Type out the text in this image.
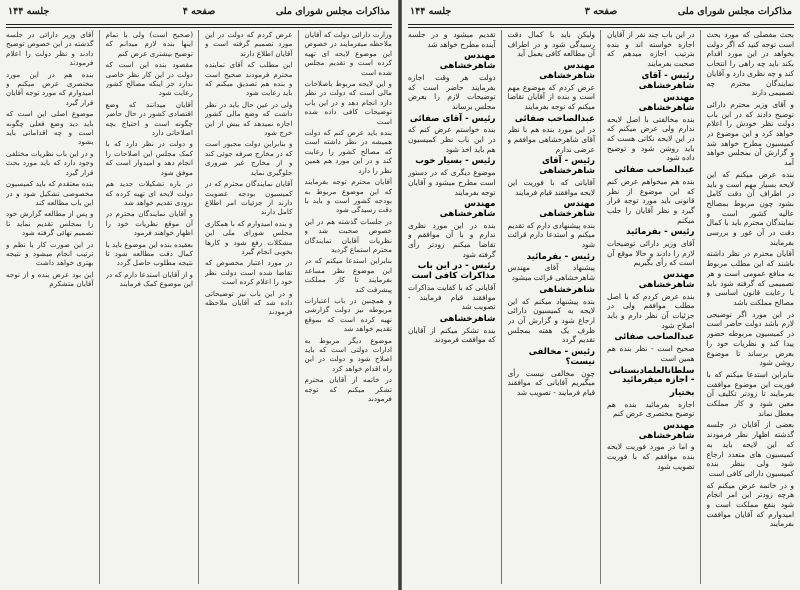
مذاکرات مجلس شورای ملی
صفحه ۳
جلسه ۱۴۴
بحث مفصلی که مورد بحث است توجه کنید که اگر دولت بخواهد در این مورد اقدام بکند باید چه راهی را انتخاب کند و چه نظری دارد و آقایان نمایندگان محترم چه تصمیمی دارند
و آقای وزیر محترم دارائی توضیح دادند که در این باب دولت نظر خودش را اعلام خواهد کرد و این موضوع در کمیسیون مطرح خواهد شد و گزارش آن بمجلس خواهد آمد
بنده عرض میکنم که این لایحه بسیار مهم است و باید در اطراف آن دقت کامل بشود چون مربوط بمصالح عالیه کشور است و نمایندگان محترم باید با کمال دقت در آن غور و بررسی بفرمایند
آقایان محترم در نظر داشته باشند که این مطلب مربوط به منافع عمومی است و هر تصمیمی که گرفته شود باید با رعایت قانون اساسی و مصالح مملکت باشد
در این مورد اگر توضیحی لازم باشد دولت حاضر است در کمیسیون مربوطه حضور پیدا کند و نظریات خود را بعرض برساند تا موضوع روشن شود
بنابراین استدعا میکنم که با فوریت این موضوع موافقت بفرمایند تا زودتر تکلیف آن معین شود و کار مملکت معطل نماند
بعضی از آقایان در جلسه گذشته اظهار نظر فرمودند که این لایحه باید به کمیسیون های متعدد ارجاع شود ولی بنظر بنده کمیسیون دارائی کافی است
و در خاتمه عرض میکنم که هرچه زودتر این امر انجام شود بنفع مملکت است و امیدوارم که آقایان موافقت بفرمایند
در این باب چند نفر از آقایان اجازه خواسته اند و بنده بترتیب اجازه میدهم که صحبت بفرمایند
رئیس - آقای شاهرخشاهی
مهندس شاهرخشاهی
بنده مخالفتی با اصل لایحه ندارم ولی عرض میکنم که در این لایحه نکاتی هست که باید روشن شود و توضیح داده شود
عبدالصاحب صفائی
بنده هم میخواهم عرض کنم که این موضوع از نظر قانونی باید مورد توجه قرار گیرد و نظر آقایان را جلب میکنم
رئیس - بفرمائید
آقای وزیر دارائی توضیحات لازم را دادند و حالا موقع آن است که رأی بگیریم
مهندس شاهرخشاهی
بنده عرض کردم که با اصل مطلب موافقم ولی در جزئیات آن نظر دارم و باید اصلاح شود
عبدالصاحب صفائی
صحیح است - نظر بنده هم همین است
سلطانالعلمادبستانی - اجازه میفرمائید
بختیار
اجازه بفرمائید بنده هم توضیح مختصری عرض کنم
مهندس شاهرخشاهی
و اما در مورد فوریت لایحه بنده موافقم که با فوریت تصویب شود
ولیکن باید با کمال دقت رسیدگی شود و در اطراف آن مطالعه کافی بعمل آید
مهندس شاهرخشاهی
عرض کردم که موضوع مهم است و بنده از آقایان تقاضا میکنم که توجه بفرمایند
عبدالصاحب صفائی
در این مورد بنده هم با نظر آقای شاهرخشاهی موافقم و عرضی ندارم
رئیس - آقای شاهرخشاهی
آقایانی که با فوریت این لایحه موافقند قیام فرمایند
مهندس شاهرخشاهی
بنده پیشنهادی دارم که تقدیم میکنم و استدعا دارم قرائت شود
رئیس - بفرمائید
پیشنهاد آقای مهندس شاهرخشاهی قرائت میشود
شاهرخشاهی
بنده پیشنهاد میکنم که این لایحه به کمیسیون دارائی ارجاع شود و گزارش آن در ظرف یک هفته بمجلس تقدیم گردد
رئیس - مخالفی نیست؟
چون مخالفی نیست رأی میگیریم آقایانی که موافقند قیام فرمایند - تصویب شد
تقدیم میشود و در جلسه آینده مطرح خواهد شد
مهندس شاهرخشاهی
دولت هر وقت اجازه بفرمایند حاضر است که توضیحات لازم را بعرض مجلس برساند
رئیس - آقای صفائی
بنده خواستم عرض کنم که در این باب نظر کمیسیون هم باید اخذ شود
رئیس - بسیار خوب
موضوع دیگری که در دستور است مطرح میشود و آقایان توجه بفرمایند
مهندس شاهرخشاهی
بنده در این مورد نظری ندارم و با آن موافقم و تقاضا میکنم زودتر رأی گرفته شود
رئیس - در این باب مذاکرات کافی است
آقایانی که با کفایت مذاکرات موافقند قیام فرمایند - تصویب شد
شاهرخشاهی
بنده تشکر میکنم از آقایان که موافقت فرمودند
مذاکرات مجلس شورای ملی
صفحه ۴
جلسه ۱۴۴
وزارت دارائی دولت که آقایان ملاحظه میفرمایند در خصوص این موضوع لایحه ای تهیه کرده است و تقدیم مجلس شده است
و این لایحه مربوط باصلاحات مالی است که دولت در نظر دارد انجام دهد و در این باب توضیحات کافی داده شده است
بنده باید عرض کنم که دولت همیشه در نظر داشته است که مصالح کشور را رعایت کند و در این مورد هم همین نظر را دارد
آقایان محترم توجه بفرمایند که این موضوع مربوط به بودجه کشور است و باید با دقت رسیدگی شود
در جلسات گذشته هم در این خصوص صحبت شد و نظریات آقایان نمایندگان محترم استماع گردید
بنابراین استدعا میکنم که در این موضوع نظر مساعد بفرمایند تا کار مملکت پیشرفت کند
و همچنین در باب اعتبارات مربوطه نیز دولت گزارشی تهیه کرده است که بموقع تقدیم خواهد شد
موضوع دیگر مربوط به ادارات دولتی است که باید اصلاح شود و دولت در این راه اقدام خواهد کرد
در خاتمه از آقایان محترم تشکر میکنم که توجه فرمودند
عرض کردم که دولت در این مورد تصمیم گرفته است و آقایان اطلاع دارند
این مطلب که آقای نماینده محترم فرمودند صحیح است و بنده هم تصدیق میکنم که باید رعایت شود
ولی در عین حال باید در نظر داشت که وضع مالی کشور اجازه نمیدهد که بیش از این خرج شود
و بنابراین دولت مجبور است که در مخارج صرفه جوئی کند و از مخارج غیر ضروری جلوگیری نماید
آقایان نمایندگان محترم که در کمیسیون بودجه عضویت دارند از جزئیات امر اطلاع کامل دارند
و بنده امیدوارم که با همکاری مجلس شورای ملی این مشکلات رفع شود و کارها بخوبی انجام گیرد
در مورد اعتبار مخصوص که تقاضا شده است دولت نظر خود را اعلام کرده است
و در این باب نیز توضیحاتی داده شد که آقایان ملاحظه فرمودند
(صحیح است) ولی با تمام اینها بنده لازم میدانم که توضیح بیشتری عرض کنم
مقصود بنده این است که دولت در این کار نظر خاصی ندارد جز اینکه مصالح کشور رعایت شود
آقایان میدانند که وضع اقتصادی کشور در حال حاضر چگونه است و احتیاج بچه اصلاحاتی دارد
و دولت در نظر دارد که با کمک مجلس این اصلاحات را انجام دهد و امیدوار است که موفق شود
در باره تشکیلات جدید هم دولت لایحه ای تهیه کرده که بزودی تقدیم خواهد شد
و آقایان نمایندگان محترم در آن موقع نظریات خود را اظهار خواهند فرمود
بعقیده بنده این موضوع باید با کمال دقت مطالعه شود تا نتیجه مطلوب حاصل گردد
و از آقایان استدعا دارم که در این موضوع کمک فرمایند
آقای وزیر دارائی در جلسه گذشته در این خصوص توضیح دادند و نظر دولت را اعلام فرمودند
بنده هم در این مورد مختصری عرض میکنم و امیدوارم که مورد توجه آقایان قرار گیرد
موضوع اصلی این است که باید دید وضع فعلی چگونه است و چه اقداماتی باید بشود
و در این باب نظریات مختلفی وجود دارد که باید مورد بحث قرار گیرد
بنده معتقدم که باید کمیسیون مخصوصی تشکیل شود و در این باب مطالعه کند
و پس از مطالعه گزارش خود را بمجلس تقدیم نماید تا تصمیم نهائی گرفته شود
در این صورت کار با نظم و ترتیب انجام میشود و نتیجه بهتری خواهد داشت
این بود عرض بنده و از توجه آقایان متشکرم
